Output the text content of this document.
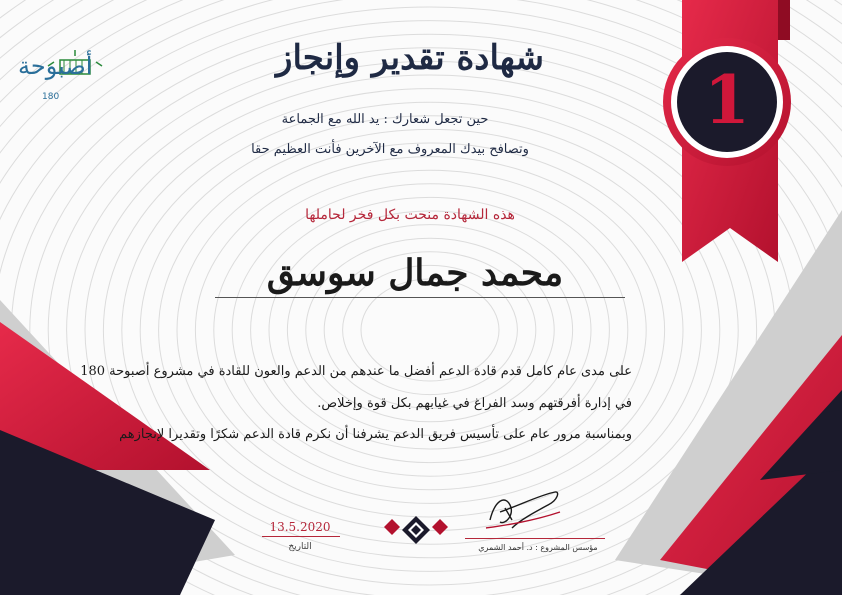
أصبوحة
180
شهادة تقدير وإنجاز
حين تجعل شعارك : يد الله مع الجماعة
وتصافح بيدك المعروف مع الآخرين فأنت العظيم حقا
هذه الشهادة منحت بكل فخر لحاملها
محمد جمال سوسق
على مدى عام كامل قدم قادة الدعم أفضل ما عندهم من الدعم والعون للقادة في مشروع أصبوحة 180
في إدارة أفرقتهم وسد الفراغ في غيابهم بكل قوة وإخلاص.
وبمناسبة مرور عام على تأسيس فريق الدعم يشرفنا أن نكرم قادة الدعم شكرًا وتقديرا لإنجازهم
1
13.5.2020
التاريخ	مؤسس المشروع : د. أحمد الشمري
